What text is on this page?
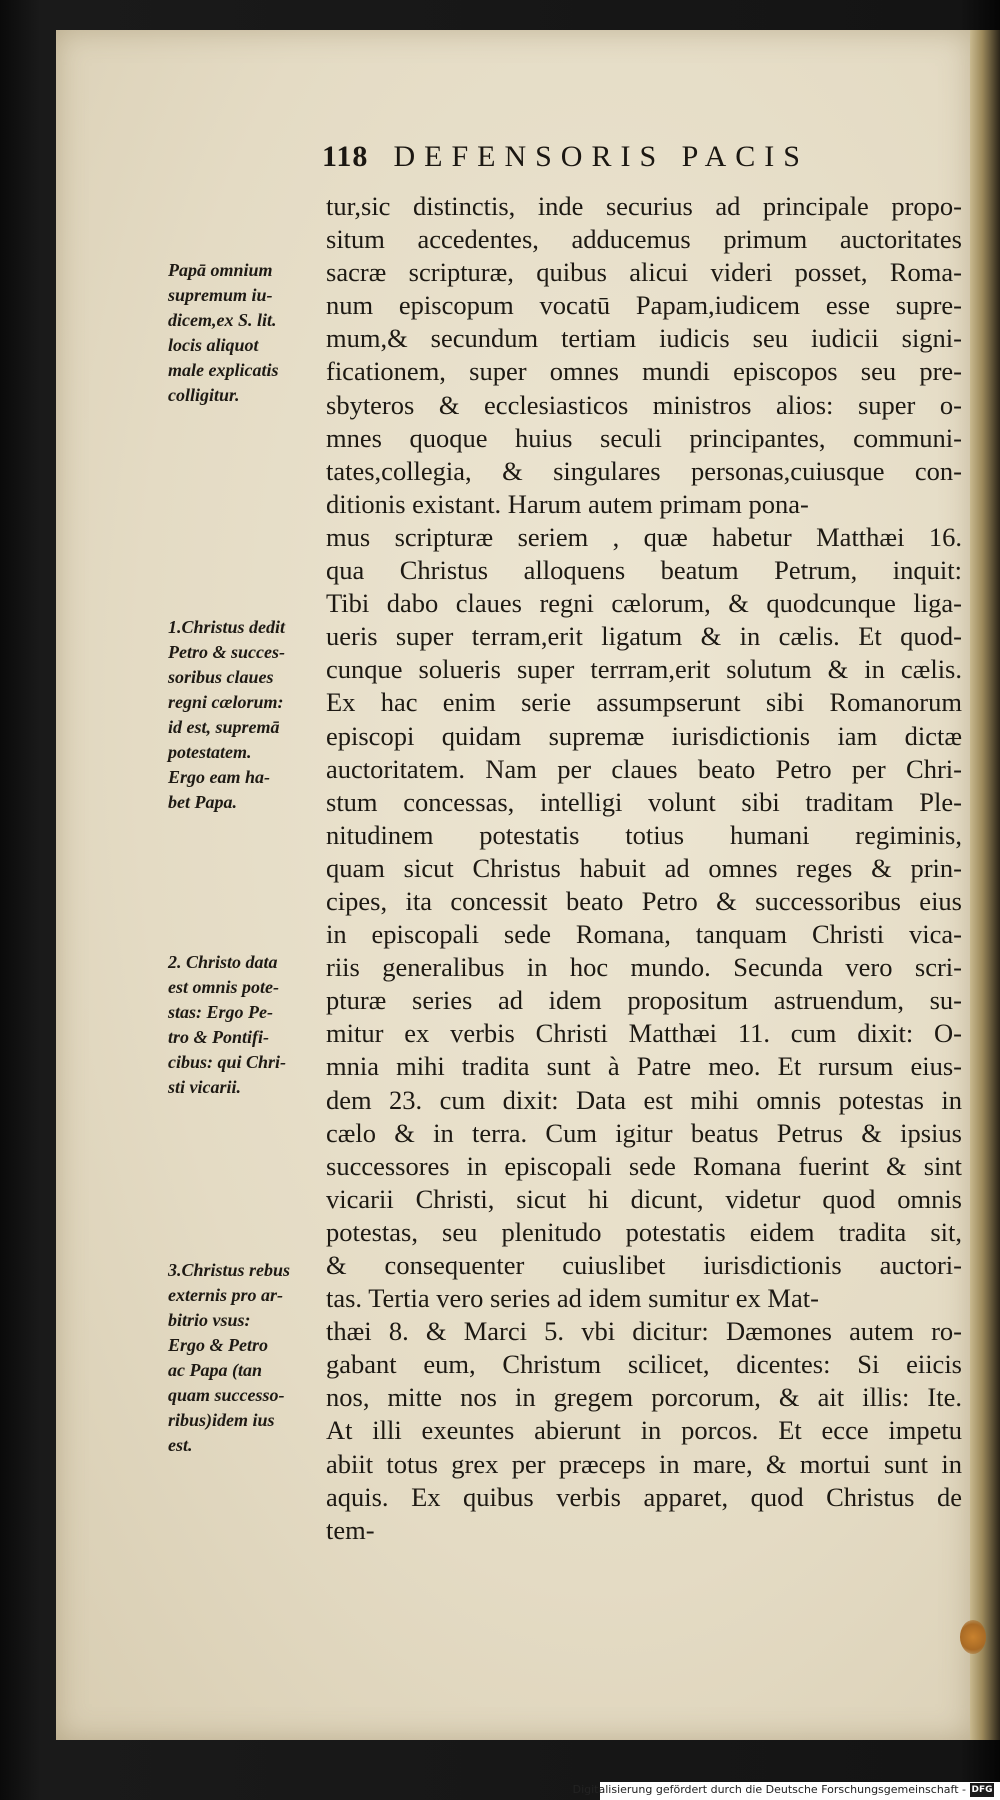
118 DEFENSORIS PACIS
tur,sic distinctis, inde securius ad principale propo-
situm accedentes, adducemus primum auctoritates
sacræ scripturæ, quibus alicui videri posset, Roma-
num episcopum vocatū Papam,iudicem esse supre-
mum,& secundum tertiam iudicis seu iudicii signi-
ficationem, super omnes mundi episcopos seu pre-
sbyteros & ecclesiasticos ministros alios: super o-
mnes quoque huius seculi principantes, communi-
tates,collegia, & singulares personas,cuiusque con-
ditionis existant. Harum autem primam pona-
mus scripturæ seriem , quæ habetur Matthæi 16.
qua Christus alloquens beatum Petrum, inquit:
Tibi dabo claues regni cælorum, & quodcunque liga-
ueris super terram,erit ligatum & in cælis. Et quod-
cunque solueris super terrram,erit solutum & in cælis.
Ex hac enim serie assumpserunt sibi Romanorum
episcopi quidam supremæ iurisdictionis iam dictæ
auctoritatem. Nam per claues beato Petro per Chri-
stum concessas, intelligi volunt sibi traditam Ple-
nitudinem potestatis totius humani regiminis,
quam sicut Christus habuit ad omnes reges & prin-
cipes, ita concessit beato Petro & successoribus eius
in episcopali sede Romana, tanquam Christi vica-
riis generalibus in hoc mundo. Secunda vero scri-
pturæ series ad idem propositum astruendum, su-
mitur ex verbis Christi Matthæi 11. cum dixit: O-
mnia mihi tradita sunt à Patre meo. Et rursum eius-
dem 23. cum dixit: Data est mihi omnis potestas in
cælo & in terra. Cum igitur beatus Petrus & ipsius
successores in episcopali sede Romana fuerint & sint
vicarii Christi, sicut hi dicunt, videtur quod omnis
potestas, seu plenitudo potestatis eidem tradita sit,
& consequenter cuiuslibet iurisdictionis auctori-
tas. Tertia vero series ad idem sumitur ex Mat-
thæi 8. & Marci 5. vbi dicitur: Dæmones autem ro-
gabant eum, Christum scilicet, dicentes: Si eiicis
nos, mitte nos in gregem porcorum, & ait illis: Ite.
At illi exeuntes abierunt in porcos. Et ecce impetu
abiit totus grex per præceps in mare, & mortui sunt in
aquis. Ex quibus verbis apparet, quod Christus de
tem-
Papā omnium
supremum iu-
dicem,ex S. lit.
locis aliquot
male explicatis
colligitur.
1.Christus dedit
Petro & succes-
soribus claues
regni cælorum:
id est, supremā
potestatem.
Ergo eam ha-
bet Papa.
2. Christo data
est omnis pote-
stas: Ergo Pe-
tro & Pontifi-
cibus: qui Chri-
sti vicarii.
3.Christus rebus
externis pro ar-
bitrio vsus:
Ergo & Petro
ac Papa (tan
quam successo-
ribus)idem ius
est.
Digitalisierung gefördert durch die Deutsche Forschungsgemeinschaft - DFG
